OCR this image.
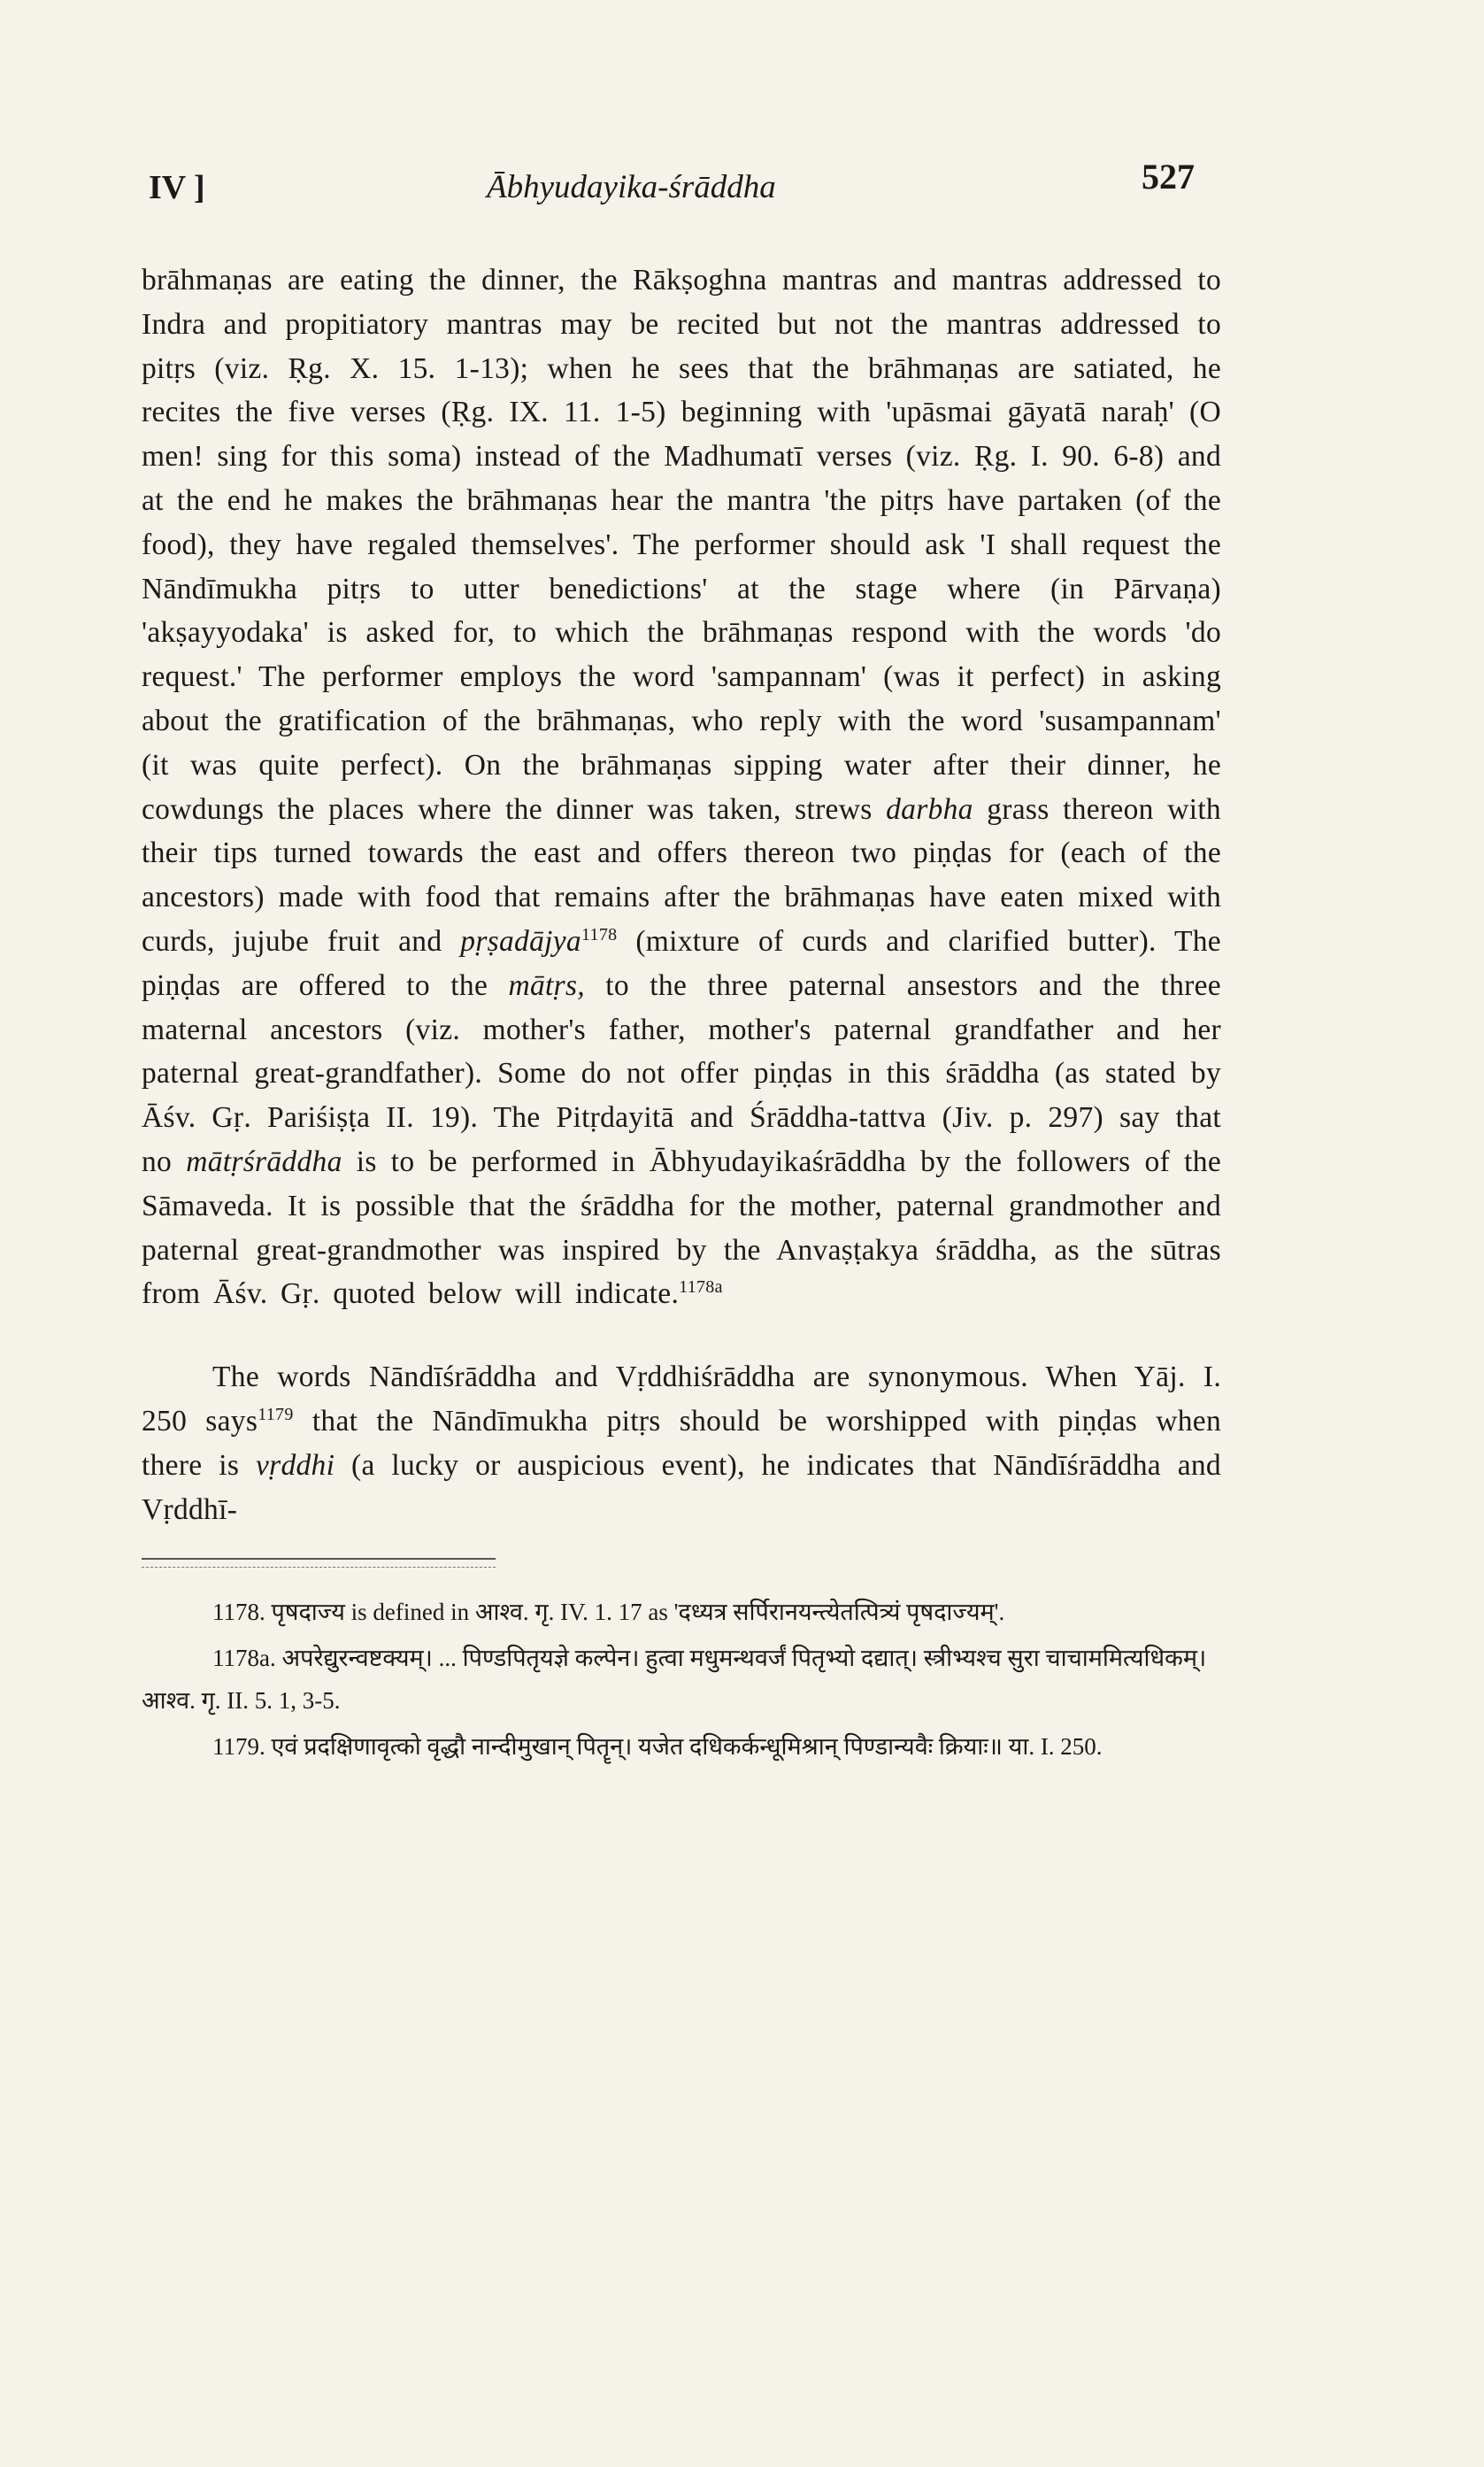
IV ]	Ābhyudayika-śrāddha	527

brāhmaṇas are eating the dinner, the Rākṣoghna mantras and mantras addressed to Indra and propitiatory mantras may be recited but not the mantras addressed to pitṛs (viz. Ṛg. X. 15. 1-13); when he sees that the brāhmaṇas are satiated, he recites the five verses (Ṛg. IX. 11. 1-5) beginning with 'upāsmai gāyatā naraḥ' (O men! sing for this soma) instead of the Madhumatī verses (viz. Ṛg. I. 90. 6-8) and at the end he makes the brāhmaṇas hear the mantra 'the pitṛs have partaken (of the food), they have regaled themselves'. The performer should ask 'I shall request the Nāndīmukha pitṛs to utter benedictions' at the stage where (in Pārvaṇa) 'akṣayyodaka' is asked for, to which the brāhmaṇas respond with the words 'do request.' The performer employs the word 'sampannam' (was it perfect) in asking about the gratification of the brāhmaṇas, who reply with the word 'susampannam' (it was quite perfect). On the brāhmaṇas sipping water after their dinner, he cowdungs the places where the dinner was taken, strews darbha grass thereon with their tips turned towards the east and offers thereon two piṇḍas for (each of the ancestors) made with food that remains after the brāhmaṇas have eaten mixed with curds, jujube fruit and pṛṣadājya$^{1178}$ (mixture of curds and clarified butter). The piṇḍas are offered to the mātṛs, to the three paternal ansestors and the three maternal ancestors (viz. mother's father, mother's paternal grandfather and her paternal great-grandfather). Some do not offer piṇḍas in this śrāddha (as stated by Āśv. Gṛ. Pariśiṣṭa II. 19). The Pitṛdayitā and Śrāddha-tattva (Jiv. p. 297) say that no mātṛśrāddha is to be performed in Ābhyudayikaśrāddha by the followers of the Sāmaveda. It is possible that the śrāddha for the mother, paternal grandmother and paternal great-grandmother was inspired by the Anvaṣṭakya śrāddha, as the sūtras from Āśv. Gṛ. quoted below will indicate.$^{1178a}$

The words Nāndīśrāddha and Vṛddhiśrāddha are synonymous. When Yāj. I. 250 says$^{1179}$ that the Nāndīmukha pitṛs should be worshipped with piṇḍas when there is vṛddhi (a lucky or auspicious event), he indicates that Nāndīśrāddha and Vṛddhī-

1178. पृषदाज्य is defined in आश्व. गृ. IV. 1. 17 as 'दध्यत्र सर्पिरानयन्त्येतत्पित्र्यं पृषदाज्यम्'.

1178a. अपरेद्युरन्वष्टक्यम्। ... पिण्डपितृयज्ञे कल्पेन। हुत्वा मधुमन्थवर्जं पितृभ्यो दद्यात्। स्त्रीभ्यश्च सुरा चाचाममित्यधिकम्। आश्व. गृ. II. 5. 1, 3-5.

1179. एवं प्रदक्षिणावृत्को वृद्धौ नान्दीमुखान् पितॄन्। यजेत दधिकर्कन्धूमिश्रान् पिण्डान्यवैः क्रियाः॥ या. I. 250.
